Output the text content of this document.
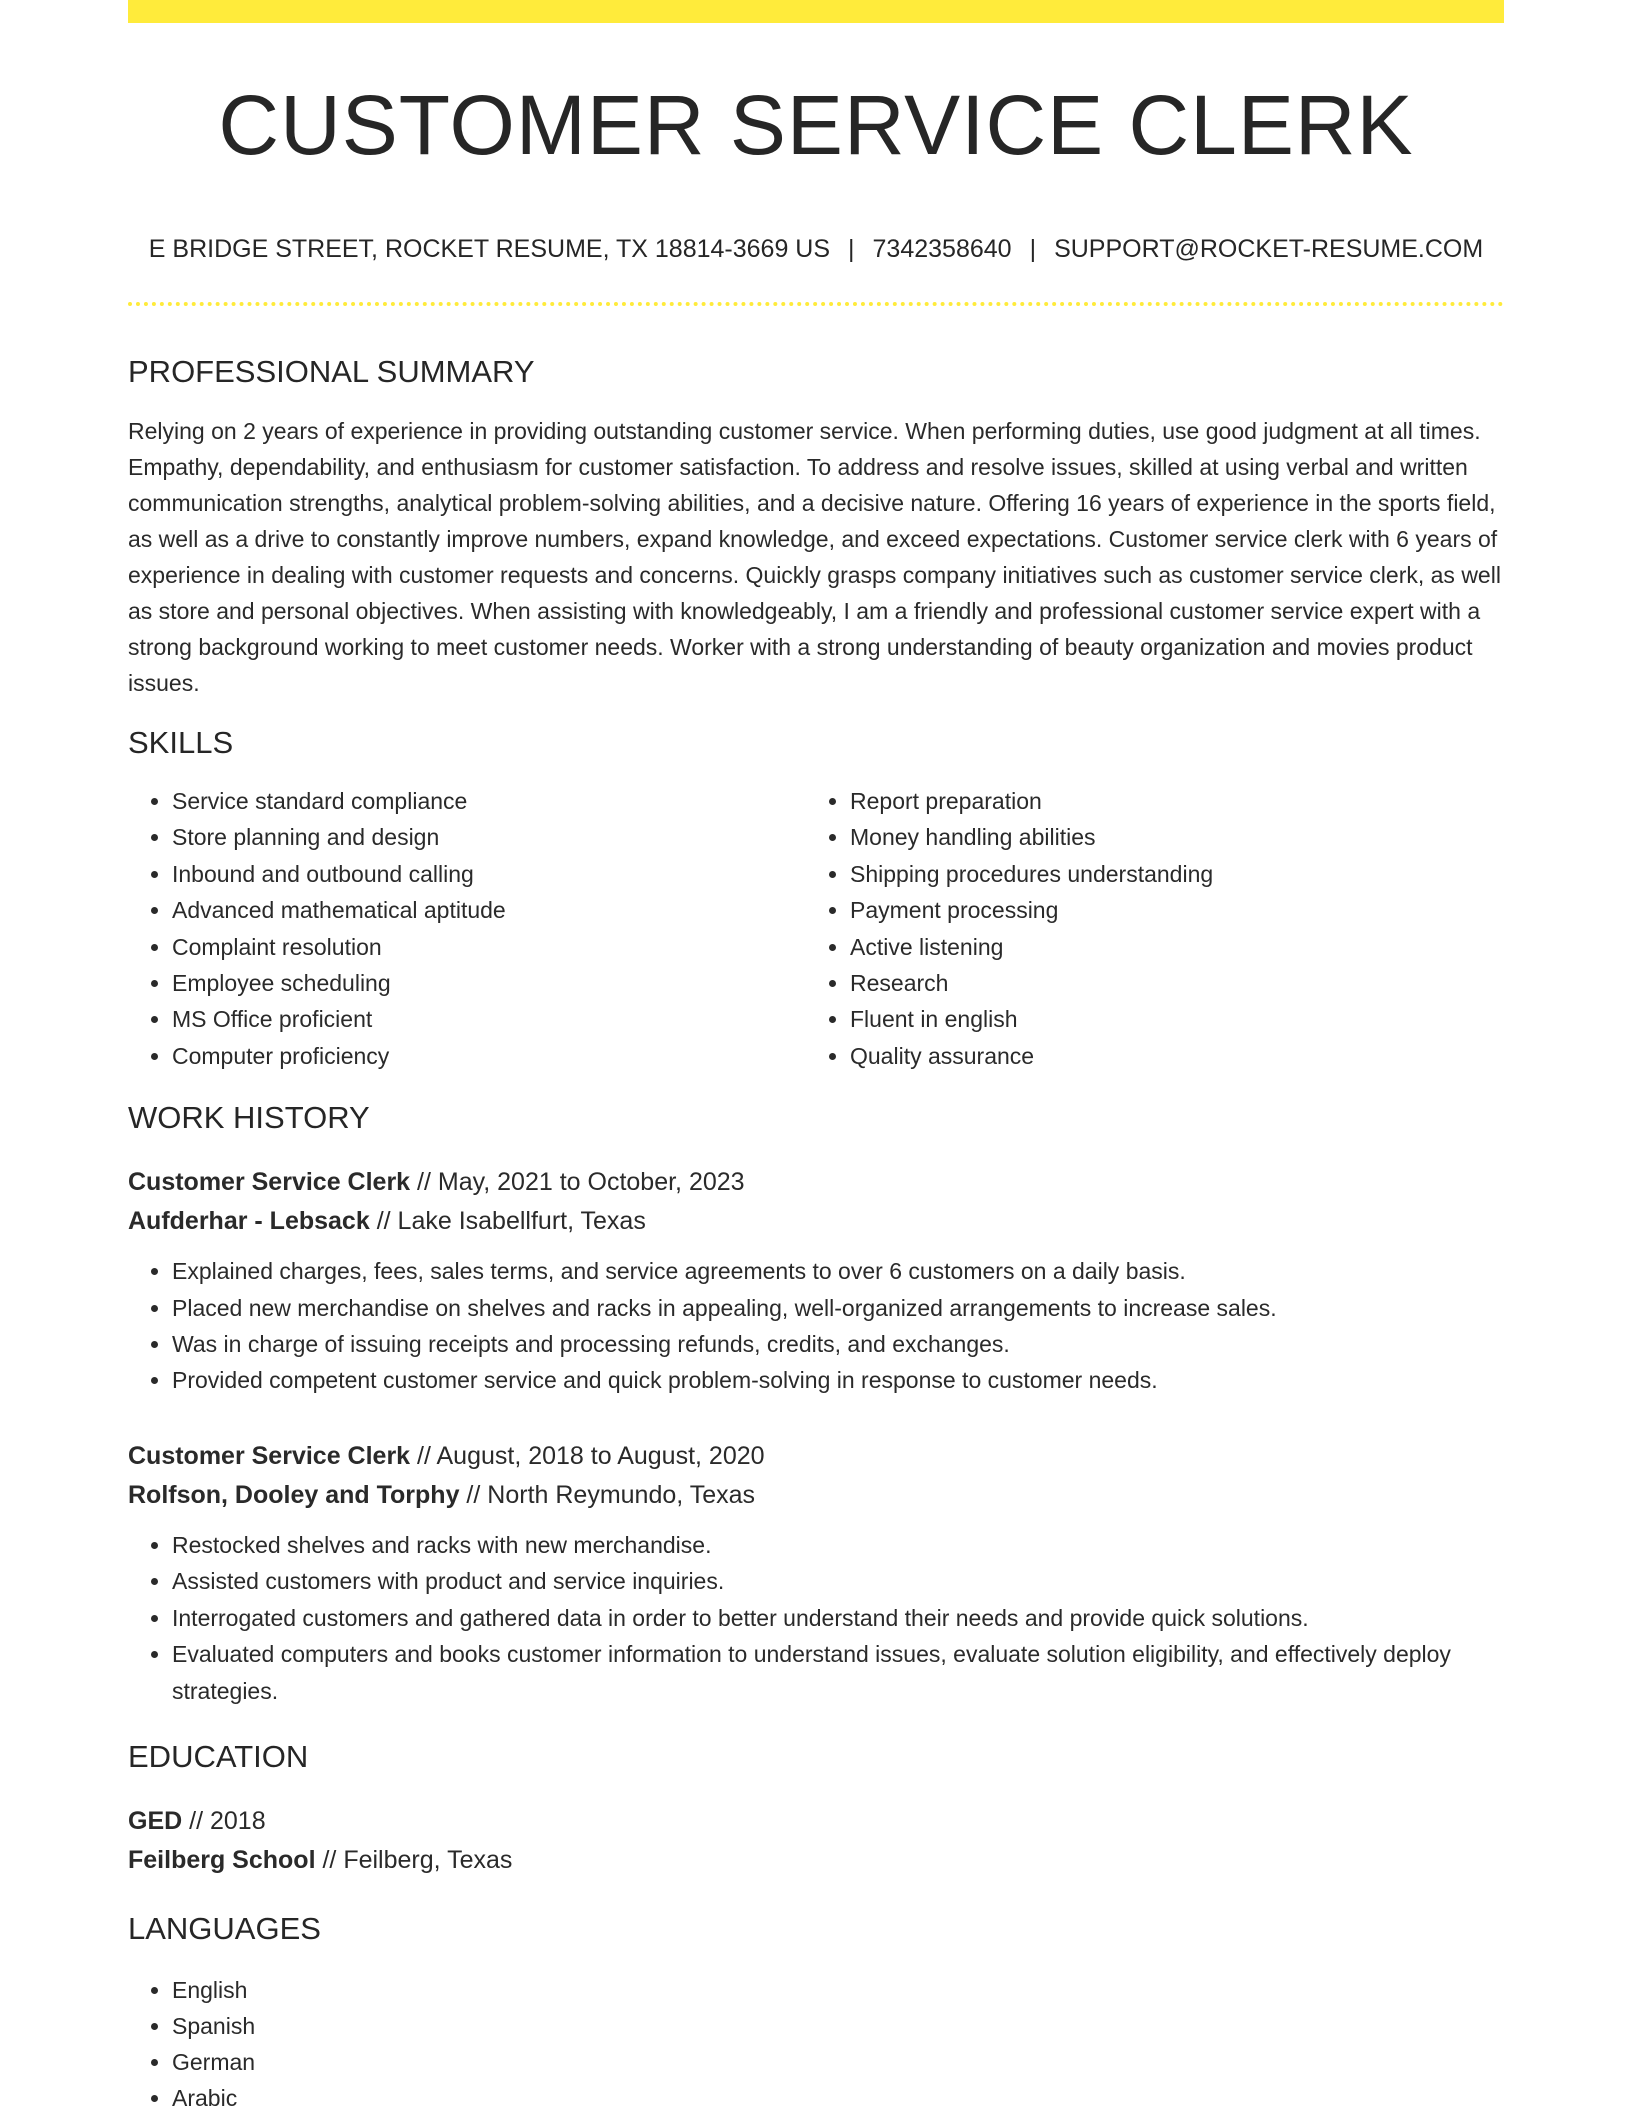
CUSTOMER SERVICE CLERK
E BRIDGE STREET, ROCKET RESUME, TX 18814-3669 US | 7342358640 | SUPPORT@ROCKET-RESUME.COM
PROFESSIONAL SUMMARY

Relying on 2 years of experience in providing outstanding customer service. When performing duties, use good judgment at all times. Empathy, dependability, and enthusiasm for customer satisfaction. To address and resolve issues, skilled at using verbal and written communication strengths, analytical problem-solving abilities, and a decisive nature. Offering 16 years of experience in the sports field, as well as a drive to constantly improve numbers, expand knowledge, and exceed expectations. Customer service clerk with 6 years of experience in dealing with customer requests and concerns. Quickly grasps company initiatives such as customer service clerk, as well as store and personal objectives. When assisting with knowledgeably, I am a friendly and professional customer service expert with a strong background working to meet customer needs. Worker with a strong understanding of beauty organization and movies product issues.

SKILLS
• Service standard compliance
• Store planning and design
• Inbound and outbound calling
• Advanced mathematical aptitude
• Complaint resolution
• Employee scheduling
• MS Office proficient
• Computer proficiency
• Report preparation
• Money handling abilities
• Shipping procedures understanding
• Payment processing
• Active listening
• Research
• Fluent in english
• Quality assurance
WORK HISTORY
Customer Service Clerk // May, 2021 to October, 2023
Aufderhar - Lebsack // Lake Isabellfurt, Texas
• Explained charges, fees, sales terms, and service agreements to over 6 customers on a daily basis.
• Placed new merchandise on shelves and racks in appealing, well-organized arrangements to increase sales.
• Was in charge of issuing receipts and processing refunds, credits, and exchanges.
• Provided competent customer service and quick problem-solving in response to customer needs.
Customer Service Clerk // August, 2018 to August, 2020
Rolfson, Dooley and Torphy // North Reymundo, Texas
• Restocked shelves and racks with new merchandise.
• Assisted customers with product and service inquiries.
• Interrogated customers and gathered data in order to better understand their needs and provide quick solutions.
• Evaluated computers and books customer information to understand issues, evaluate solution eligibility, and effectively deploy strategies.
EDUCATION
GED // 2018
Feilberg School // Feilberg, Texas
LANGUAGES
• English
• Spanish
• German
• Arabic
